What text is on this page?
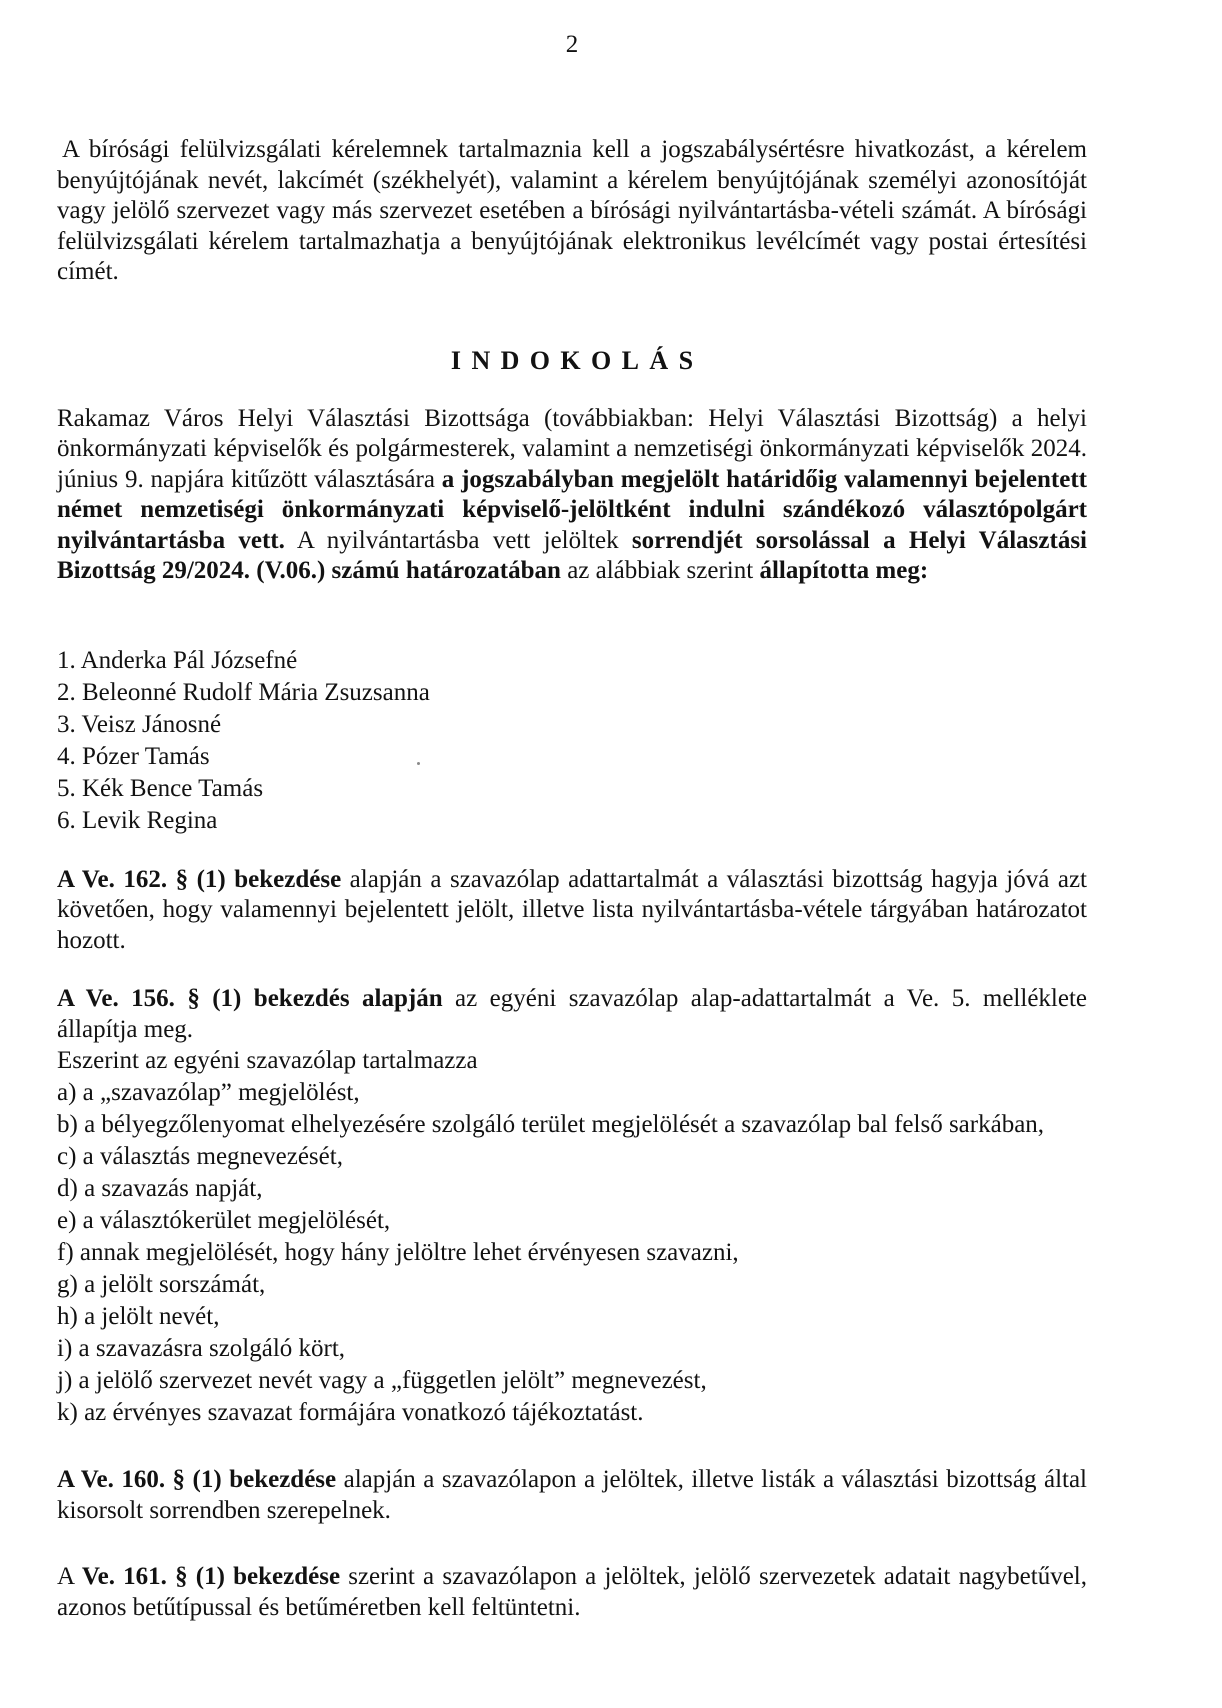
2

A bírósági felülvizsgálati kérelemnek tartalmaznia kell a jogszabálysértésre hivatkozást, a kérelem benyújtójának nevét, lakcímét (székhelyét), valamint a kérelem benyújtójának személyi azonosítóját vagy jelölő szervezet vagy más szervezet esetében a bírósági nyilvántartásba-vételi számát. A bírósági felülvizsgálati kérelem tartalmazhatja a benyújtójának elektronikus levélcímét vagy postai értesítési címét.

INDOKOLÁS

Rakamaz Város Helyi Választási Bizottsága (továbbiakban: Helyi Választási Bizottság) a helyi önkormányzati képviselők és polgármesterek, valamint a nemzetiségi önkormányzati képviselők 2024. június 9. napjára kitűzött választására a jogszabályban megjelölt határidőig valamennyi bejelentett német nemzetiségi önkormányzati képviselő-jelöltként indulni szándékozó választópolgárt nyilvántartásba vett. A nyilvántartásba vett jelöltek sorrendjét sorsolással a Helyi Választási Bizottság 29/2024. (V.06.) számú határozatában az alábbiak szerint állapította meg:

1. Anderka Pál Józsefné
2. Beleonné Rudolf Mária Zsuzsanna
3. Veisz Jánosné
4. Pózer Tamás
5. Kék Bence Tamás
6. Levik Regina

A Ve. 162. § (1) bekezdése alapján a szavazólap adattartalmát a választási bizottság hagyja jóvá azt követően, hogy valamennyi bejelentett jelölt, illetve lista nyilvántartásba-vétele tárgyában határozatot hozott.

A Ve. 156. § (1) bekezdés alapján az egyéni szavazólap alap-adattartalmát a Ve. 5. melléklete állapítja meg.

Eszerint az egyéni szavazólap tartalmazza
a) a „szavazólap” megjelölést,
b) a bélyegzőlenyomat elhelyezésére szolgáló terület megjelölését a szavazólap bal felső sarkában,
c) a választás megnevezését,
d) a szavazás napját,
e) a választókerület megjelölését,
f) annak megjelölését, hogy hány jelöltre lehet érvényesen szavazni,
g) a jelölt sorszámát,
h) a jelölt nevét,
i) a szavazásra szolgáló kört,
j) a jelölő szervezet nevét vagy a „független jelölt” megnevezést,
k) az érvényes szavazat formájára vonatkozó tájékoztatást.

A Ve. 160. § (1) bekezdése alapján a szavazólapon a jelöltek, illetve listák a választási bizottság által kisorsolt sorrendben szerepelnek.

A Ve. 161. § (1) bekezdése szerint a szavazólapon a jelöltek, jelölő szervezetek adatait nagybetűvel, azonos betűtípussal és betűméretben kell feltüntetni.
